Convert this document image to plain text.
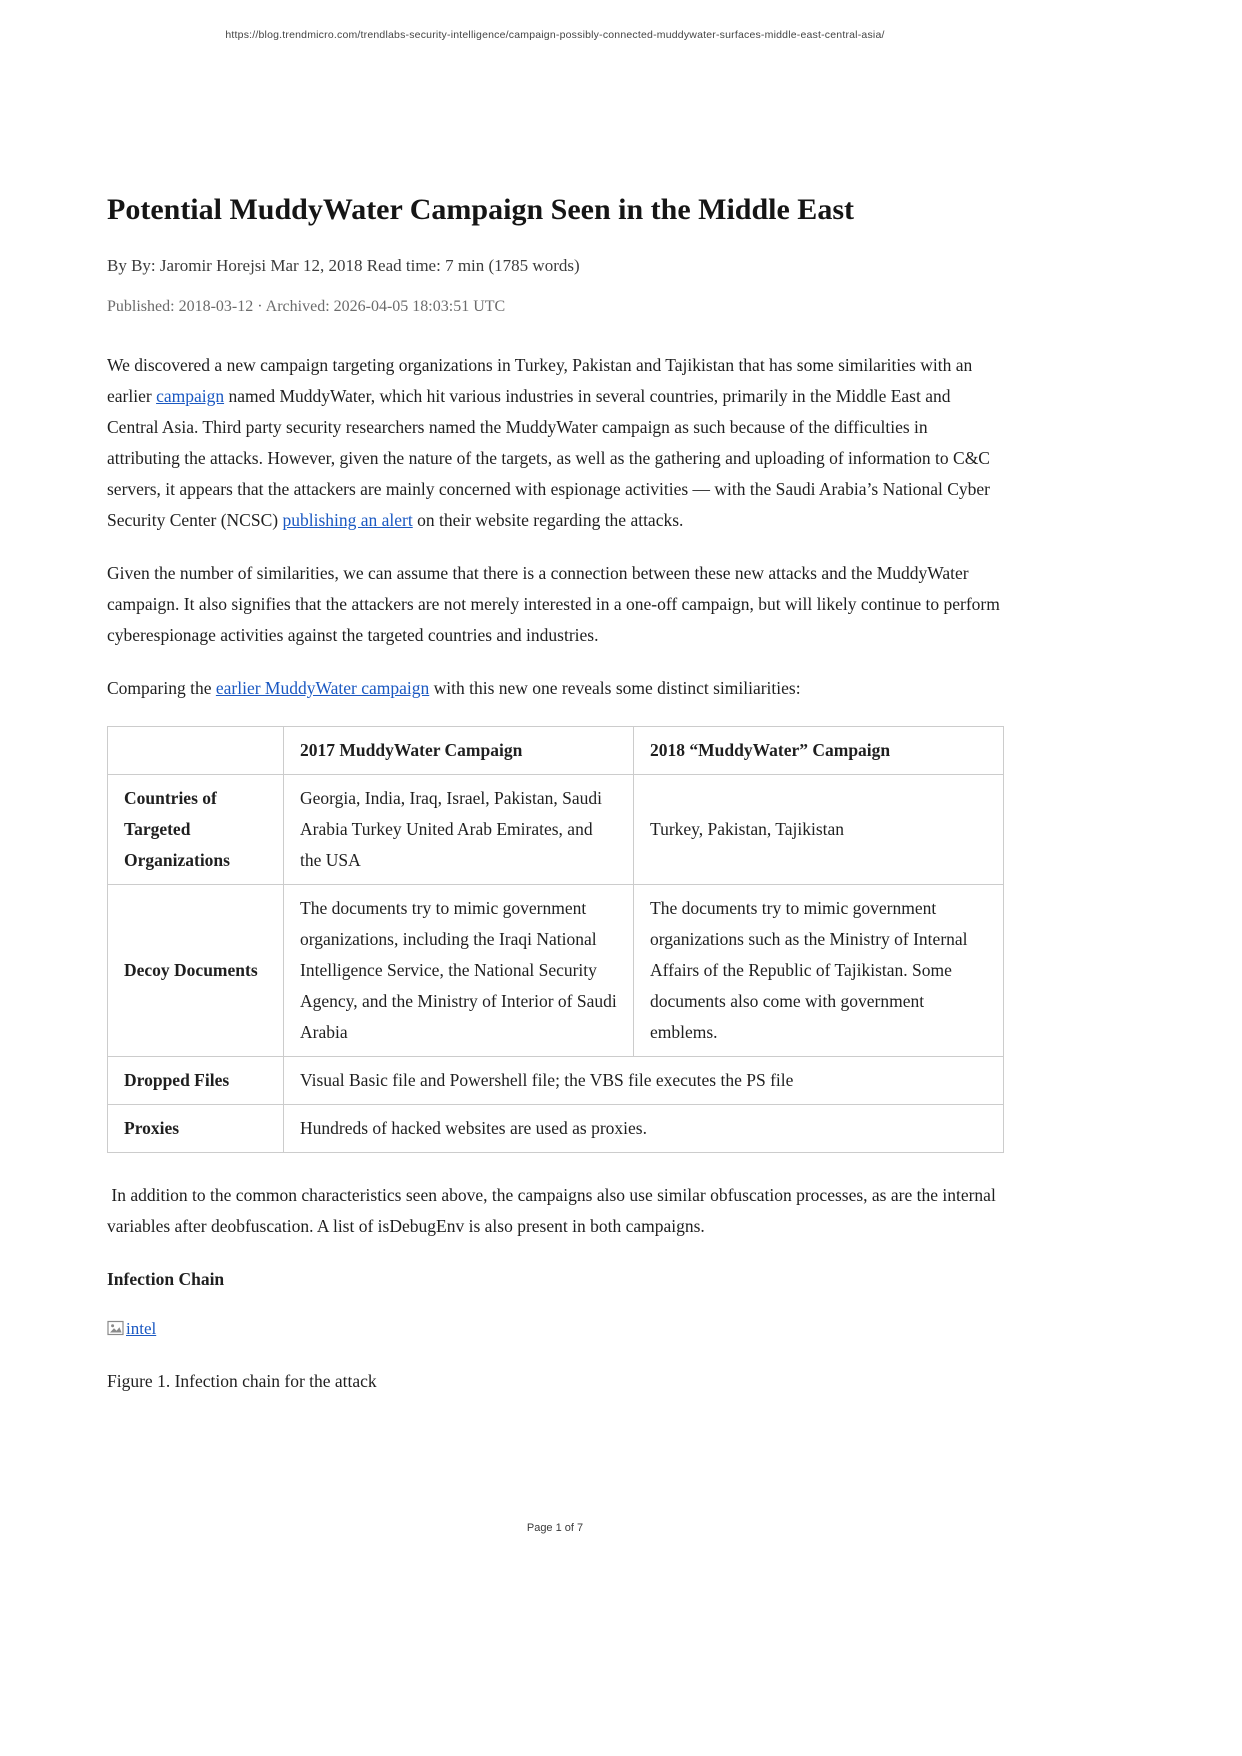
https://blog.trendmicro.com/trendlabs-security-intelligence/campaign-possibly-connected-muddywater-surfaces-middle-east-central-asia/
Potential MuddyWater Campaign Seen in the Middle East

By By: Jaromir Horejsi Mar 12, 2018 Read time: 7 min (1785 words)

Published: 2018-03-12 · Archived: 2026-04-05 18:03:51 UTC

We discovered a new campaign targeting organizations in Turkey, Pakistan and Tajikistan that has some similarities with an earlier campaign named MuddyWater, which hit various industries in several countries, primarily in the Middle East and Central Asia. Third party security researchers named the MuddyWater campaign as such because of the difficulties in attributing the attacks. However, given the nature of the targets, as well as the gathering and uploading of information to C&C servers, it appears that the attackers are mainly concerned with espionage activities — with the Saudi Arabia’s National Cyber Security Center (NCSC) publishing an alert on their website regarding the attacks.

Given the number of similarities, we can assume that there is a connection between these new attacks and the MuddyWater campaign. It also signifies that the attackers are not merely interested in a one-off campaign, but will likely continue to perform cyberespionage activities against the targeted countries and industries.

Comparing the earlier MuddyWater campaign with this new one reveals some distinct similiarities:

	2017 MuddyWater Campaign	2018 “MuddyWater” Campaign
Countries of Targeted Organizations	Georgia, India, Iraq, Israel, Pakistan, Saudi Arabia Turkey United Arab Emirates, and the USA	Turkey, Pakistan, Tajikistan
Decoy Documents	The documents try to mimic government organizations, including the Iraqi National Intelligence Service, the National Security Agency, and the Ministry of Interior of Saudi Arabia	The documents try to mimic government organizations such as the Ministry of Internal Affairs of the Republic of Tajikistan. Some documents also come with government emblems.
Dropped Files	Visual Basic file and Powershell file; the VBS file executes the PS file	
Proxies	Hundreds of hacked websites are used as proxies.	

In addition to the common characteristics seen above, the campaigns also use similar obfuscation processes, as are the internal variables after deobfuscation. A list of isDebugEnv is also present in both campaigns.

Infection Chain

intel

Figure 1. Infection chain for the attack

Page 1 of 7
